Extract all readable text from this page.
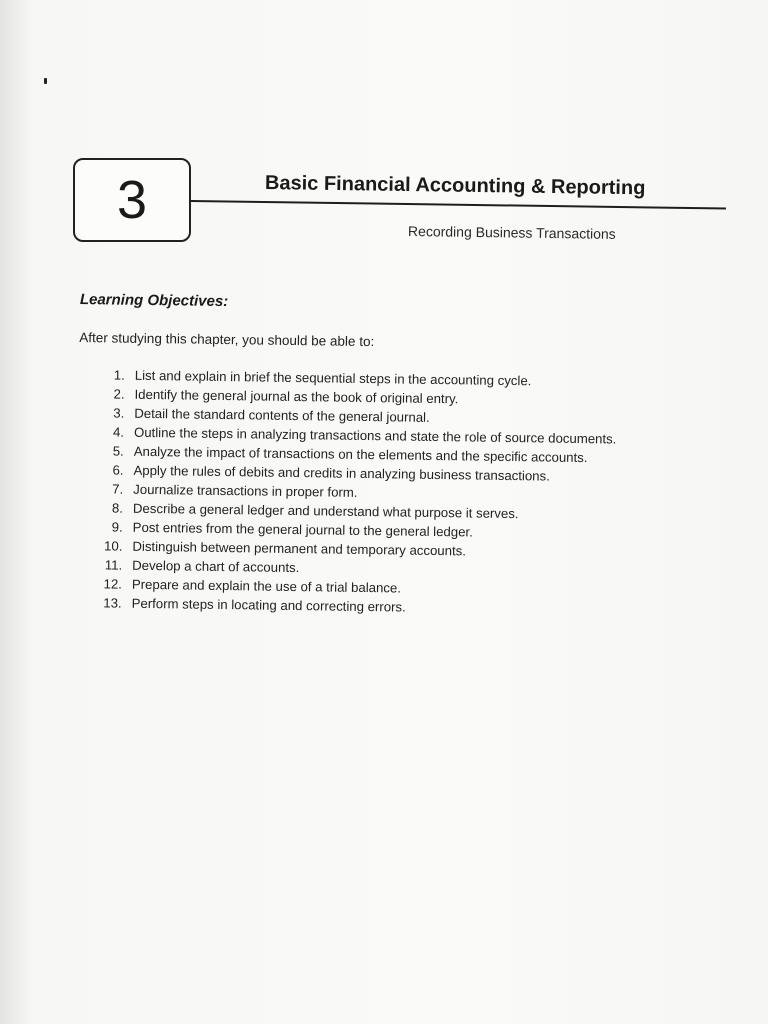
3	Basic Financial Accounting & Reporting
Recording Business Transactions
Learning Objectives:

After studying this chapter, you should be able to:

1. List and explain in brief the sequential steps in the accounting cycle.
2. Identify the general journal as the book of original entry.
3. Detail the standard contents of the general journal.
4. Outline the steps in analyzing transactions and state the role of source documents.
5. Analyze the impact of transactions on the elements and the specific accounts.
6. Apply the rules of debits and credits in analyzing business transactions.
7. Journalize transactions in proper form.
8. Describe a general ledger and understand what purpose it serves.
9. Post entries from the general journal to the general ledger.
10. Distinguish between permanent and temporary accounts.
11. Develop a chart of accounts.
12. Prepare and explain the use of a trial balance.
13. Perform steps in locating and correcting errors.
